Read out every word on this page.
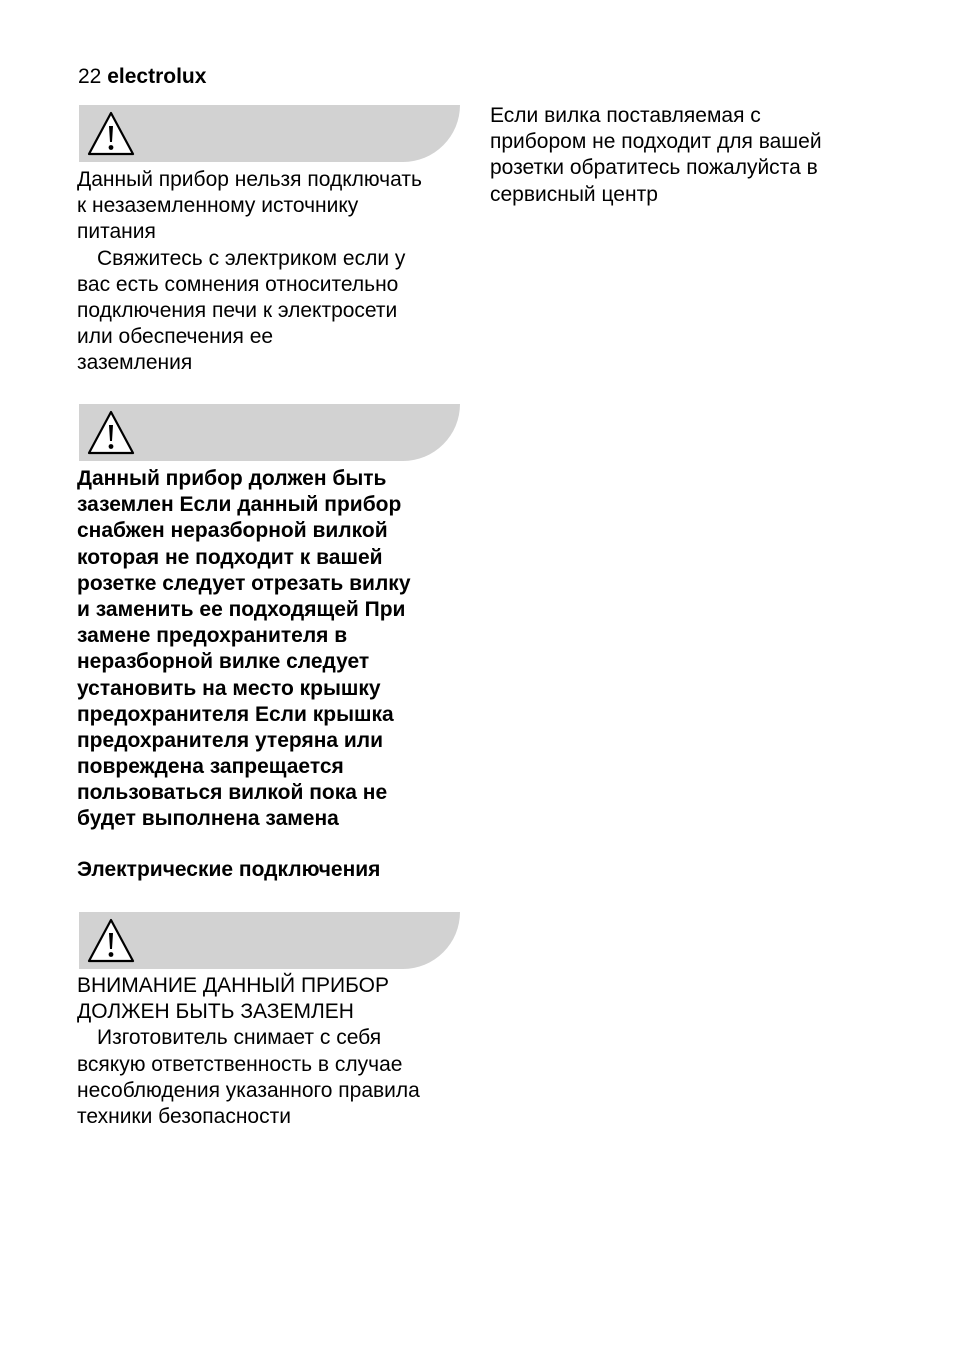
22 electrolux
Данный прибор нельзя подключать
к незаземленному источнику
питания
Свяжитесь с электриком если у
вас есть сомнения относительно
подключения печи к электросети
или обеспечения ее
заземления
Данный прибор должен быть
заземлен Если данный прибор
снабжен неразборной вилкой
которая не подходит к вашей
розетке следует отрезать вилку
и заменить ее подходящей При
замене предохранителя в
неразборной вилке следует
установить на место крышку
предохранителя Если крышка
предохранителя утеряна или
повреждена запрещается
пользоваться вилкой пока не
будет выполнена замена
Электрические подключения
ВНИМАНИЕ ДАННЫЙ ПРИБОР
ДОЛЖЕН БЫТЬ ЗАЗЕМЛЕН
Изготовитель снимает с себя
всякую ответственность в случае
несоблюдения указанного правила
техники безопасности
Если вилка поставляемая с
прибором не подходит для вашей
розетки обратитесь пожалуйста в
сервисный центр
